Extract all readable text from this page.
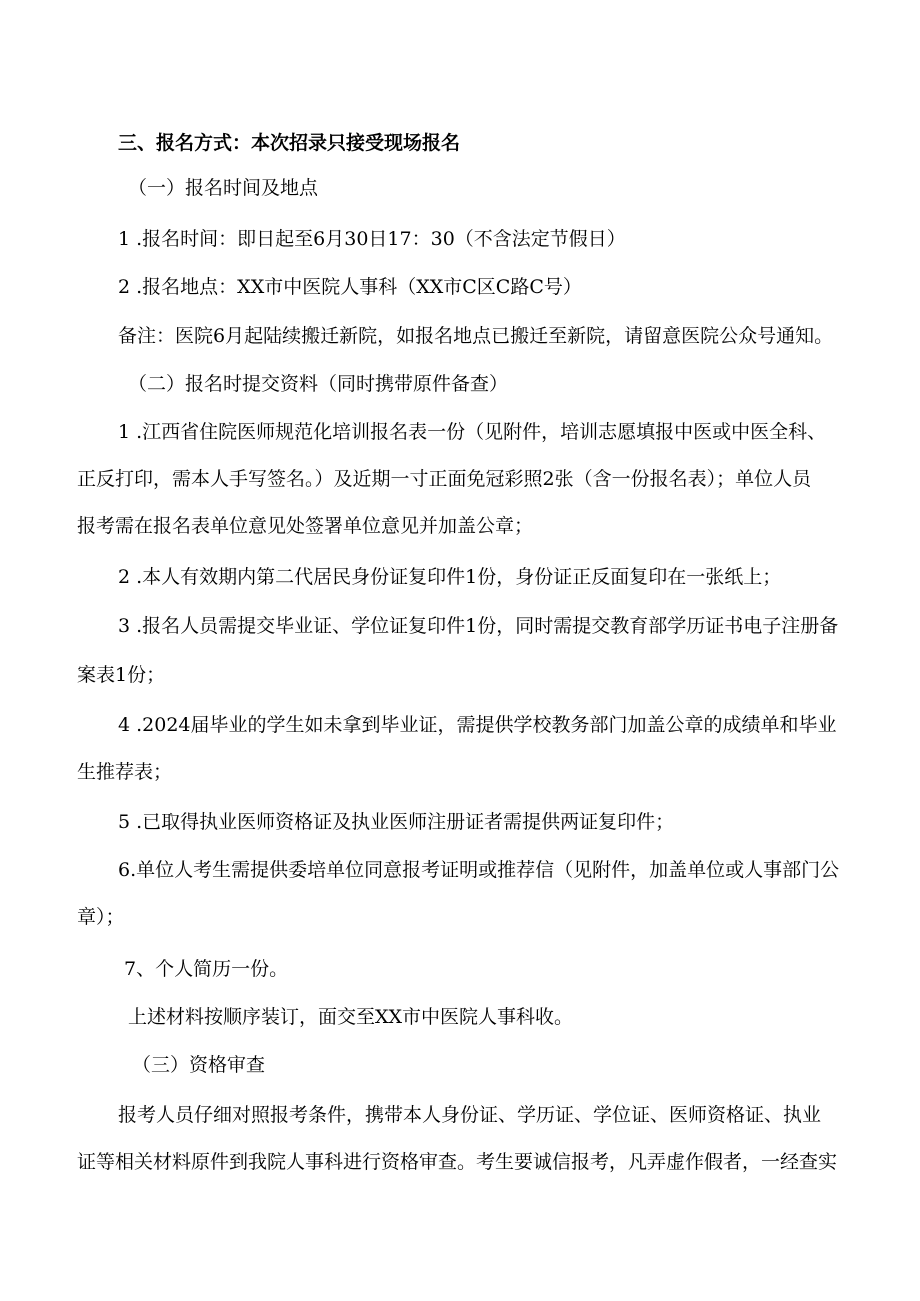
三、报名方式：本次招录只接受现场报名
（一）报名时间及地点
1 .报名时间：即日起至6月30日17：30（不含法定节假日）
2 .报名地点：XX市中医院人事科（XX市C区C路C号）
备注：医院6月起陆续搬迁新院，如报名地点已搬迁至新院，请留意医院公众号通知。
（二）报名时提交资料（同时携带原件备查）
1 .江西省住院医师规范化培训报名表一份（见附件，培训志愿填报中医或中医全科、
正反打印，需本人手写签名。）及近期一寸正面免冠彩照2张（含一份报名表）；单位人员
报考需在报名表单位意见处签署单位意见并加盖公章；
2 .本人有效期内第二代居民身份证复印件1份，身份证正反面复印在一张纸上；
3 .报名人员需提交毕业证、学位证复印件1份，同时需提交教育部学历证书电子注册备
案表1份；
4 .2024届毕业的学生如未拿到毕业证，需提供学校教务部门加盖公章的成绩单和毕业
生推荐表；
5 .已取得执业医师资格证及执业医师注册证者需提供两证复印件；
6.单位人考生需提供委培单位同意报考证明或推荐信（见附件，加盖单位或人事部门公
章）；
7、个人简历一份。
上述材料按顺序装订，面交至XX市中医院人事科收。
（三）资格审查
报考人员仔细对照报考条件，携带本人身份证、学历证、学位证、医师资格证、执业
证等相关材料原件到我院人事科进行资格审查。考生要诚信报考，凡弄虚作假者，一经查实
